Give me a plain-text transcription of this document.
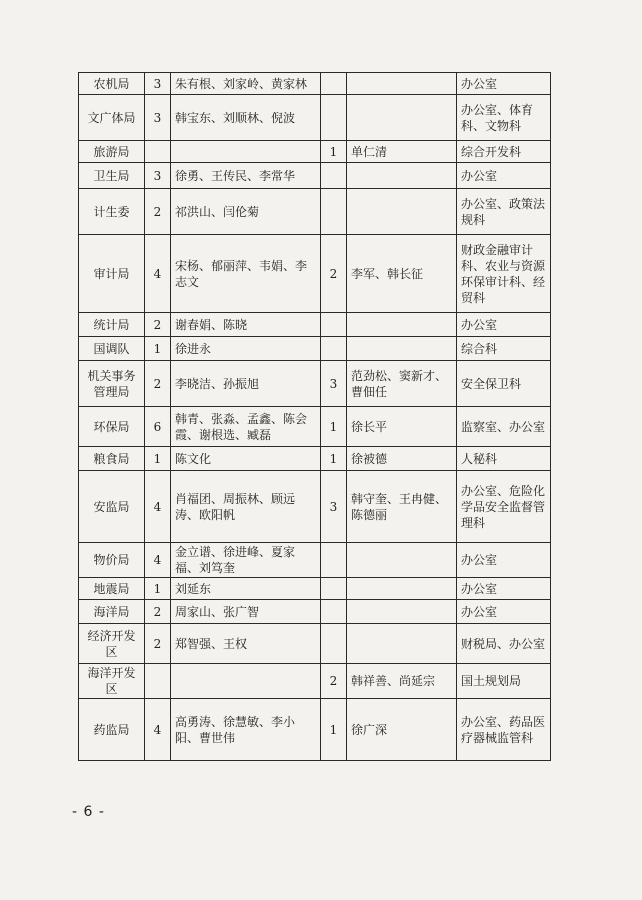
农机局	3	朱有根、刘家岭、黄家林			办公室
文广体局	3	韩宝东、刘顺林、倪波			办公室、体育科、文物科
旅游局			1	单仁清	综合开发科
卫生局	3	徐勇、王传民、李常华			办公室
计生委	2	祁洪山、闫伦菊			办公室、政策法规科
审计局	4	宋杨、郁丽萍、韦娟、李志文	2	李军、韩长征	财政金融审计科、农业与资源环保审计科、经贸科
统计局	2	谢春娟、陈晓			办公室
国调队	1	徐进永			综合科
机关事务管理局	2	李晓洁、孙振旭	3	范劲松、窦新才、曹佃任	安全保卫科
环保局	6	韩青、张淼、孟鑫、陈会霞、谢根选、臧磊	1	徐长平	监察室、办公室
粮食局	1	陈文化	1	徐被德	人秘科
安监局	4	肖福团、周振林、顾远涛、欧阳帆	3	韩守奎、王冉健、陈德丽	办公室、危险化学品安全监督管理科
物价局	4	金立谱、徐进峰、夏家福、刘笃奎			办公室
地震局	1	刘延东			办公室
海洋局	2	周家山、张广智			办公室
经济开发区	2	郑智强、王权			财税局、办公室
海洋开发区			2	韩祥善、尚延宗	国土规划局
药监局	4	高勇涛、徐慧敏、李小阳、曹世伟	1	徐广深	办公室、药品医疗器械监管科
- 6 -
